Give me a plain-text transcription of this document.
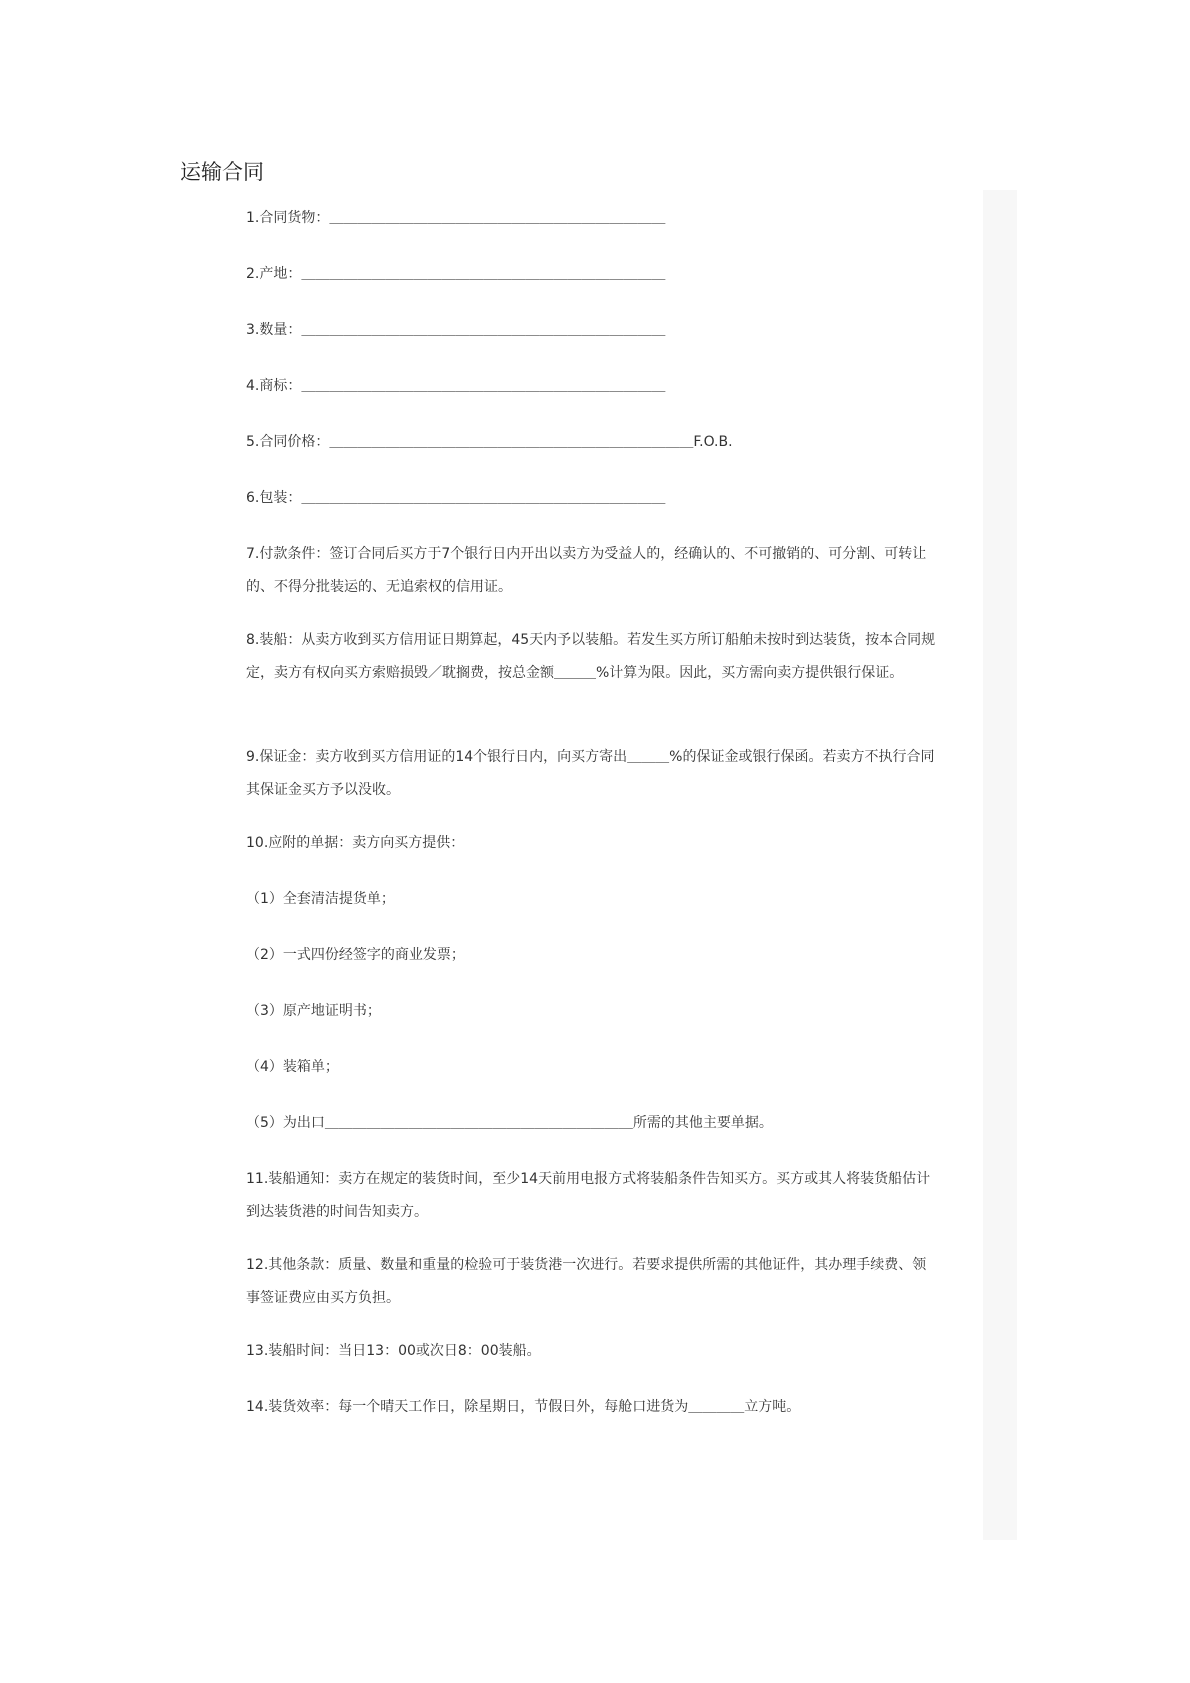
运输合同

1.合同货物：＿＿＿＿＿＿＿＿＿＿＿＿＿＿＿＿＿＿＿＿＿＿＿＿

2.产地：＿＿＿＿＿＿＿＿＿＿＿＿＿＿＿＿＿＿＿＿＿＿＿＿＿＿

3.数量：＿＿＿＿＿＿＿＿＿＿＿＿＿＿＿＿＿＿＿＿＿＿＿＿＿＿

4.商标：＿＿＿＿＿＿＿＿＿＿＿＿＿＿＿＿＿＿＿＿＿＿＿＿＿＿

5.合同价格：＿＿＿＿＿＿＿＿＿＿＿＿＿＿＿＿＿＿＿＿＿＿＿＿＿＿F.O.B.

6.包装：＿＿＿＿＿＿＿＿＿＿＿＿＿＿＿＿＿＿＿＿＿＿＿＿＿＿

7.付款条件：签订合同后买方于7个银行日内开出以卖方为受益人的，经确认的、不可撤销的、可分割、可转让的、不得分批装运的、无追索权的信用证。

8.装船：从卖方收到买方信用证日期算起，45天内予以装船。若发生买方所订船舶未按时到达装货，按本合同规定，卖方有权向买方索赔损毁／耽搁费，按总金额＿＿＿%计算为限。因此，买方需向卖方提供银行保证。

9.保证金：卖方收到买方信用证的14个银行日内，向买方寄出＿＿＿%的保证金或银行保函。若卖方不执行合同其保证金买方予以没收。

10.应附的单据：卖方向买方提供：

（1）全套清洁提货单；

（2）一式四份经签字的商业发票；

（3）原产地证明书；

（4）装箱单；

（5）为出口＿＿＿＿＿＿＿＿＿＿＿＿＿＿＿＿＿＿＿＿＿＿所需的其他主要单据。

11.装船通知：卖方在规定的装货时间，至少14天前用电报方式将装船条件告知买方。买方或其人将装货船估计到达装货港的时间告知卖方。

12.其他条款：质量、数量和重量的检验可于装货港一次进行。若要求提供所需的其他证件，其办理手续费、领事签证费应由买方负担。

13.装船时间：当日13：00或次日8：00装船。

14.装货效率：每一个晴天工作日，除星期日，节假日外，每舱口进货为＿＿＿＿立方吨。
